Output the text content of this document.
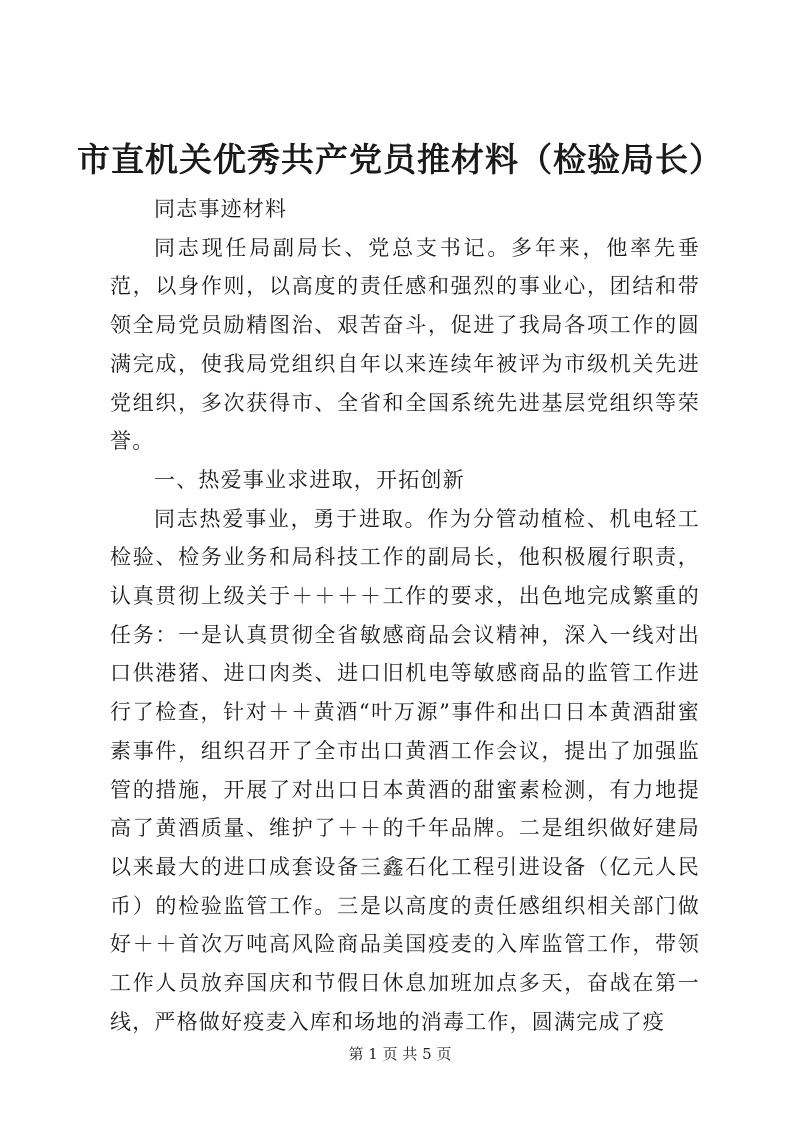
市直机关优秀共产党员推材料（检验局长）

同志事迹材料

同志现任局副局长、党总支书记。多年来，他率先垂范，以身作则，以高度的责任感和强烈的事业心，团结和带领全局党员励精图治、艰苦奋斗，促进了我局各项工作的圆满完成，使我局党组织自年以来连续年被评为市级机关先进党组织，多次获得市、全省和全国系统先进基层党组织等荣誉。

一、热爱事业求进取，开拓创新

同志热爱事业，勇于进取。作为分管动植检、机电轻工检验、检务业务和局科技工作的副局长，他积极履行职责，认真贯彻上级关于＋＋＋＋工作的要求，出色地完成繁重的任务：一是认真贯彻全省敏感商品会议精神，深入一线对出口供港猪、进口肉类、进口旧机电等敏感商品的监管工作进行了检查，针对＋＋黄酒“叶万源”事件和出口日本黄酒甜蜜素事件，组织召开了全市出口黄酒工作会议，提出了加强监管的措施，开展了对出口日本黄酒的甜蜜素检测，有力地提高了黄酒质量、维护了＋＋的千年品牌。二是组织做好建局以来最大的进口成套设备三鑫石化工程引进设备（亿元人民币）的检验监管工作。三是以高度的责任感组织相关部门做好＋＋首次万吨高风险商品美国疫麦的入库监管工作，带领工作人员放弃国庆和节假日休息加班加点多天，奋战在第一线，严格做好疫麦入库和场地的消毒工作，圆满完成了疫

第 1 页 共 5 页
